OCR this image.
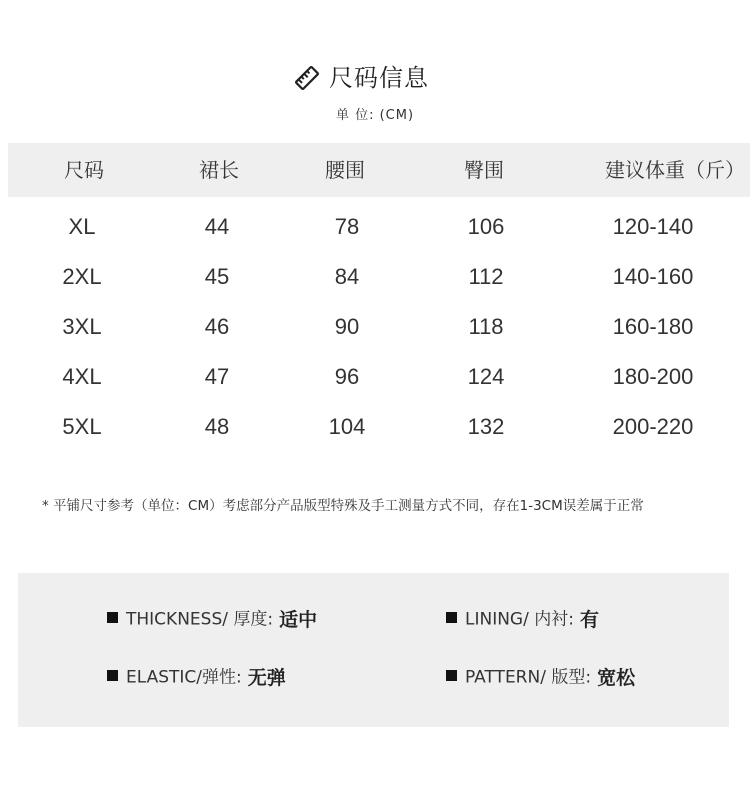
尺码信息
单 位: (CM)
尺码	裙长	腰围	臀围	建议体重（斤）
XL	44	78	106	120-140
2XL	45	84	112	140-160
3XL	46	90	118	160-180
4XL	47	96	124	180-200
5XL	48	104	132	200-220
* 平铺尺寸参考（单位：CM）考虑部分产品版型特殊及手工测量方式不同，存在1-3CM误差属于正常
THICKNESS/ 厚度: 适中	LINING/ 内衬: 有
ELASTIC/弹性: 无弹	PATTERN/ 版型: 宽松
